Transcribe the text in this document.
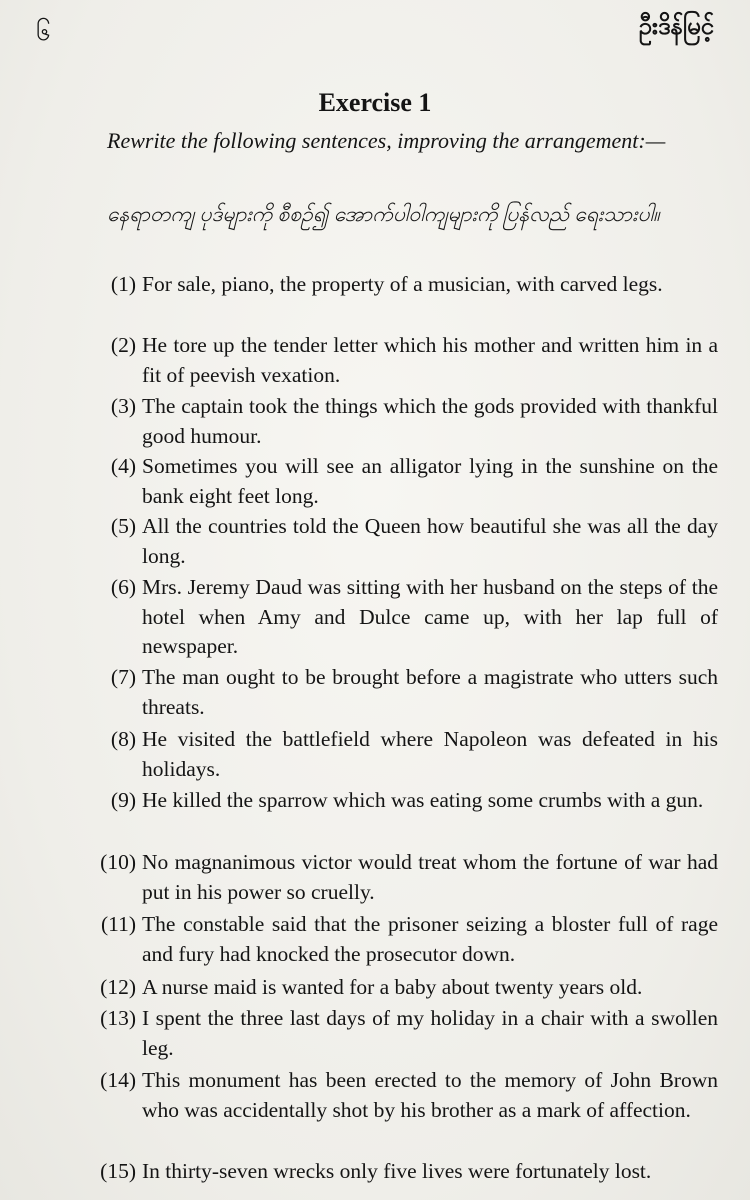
၆	ဦးဒိန်မြင့်
Exercise 1
Rewrite the following sentences, improving the arrangement:—
နေရာတကျ ပုဒ်များကို စီစဉ်၍ အောက်ပါဝါကျများကို ပြန်လည် ရေးသားပါ။
(1) For sale, piano, the property of a musician, with carved legs.
(2) He tore up the tender letter which his mother and written him in a fit of peevish vexation.
(3) The captain took the things which the gods provided with thankful good humour.
(4) Sometimes you will see an alligator lying in the sunshine on the bank eight feet long.
(5) All the countries told the Queen how beautiful she was all the day long.
(6) Mrs. Jeremy Daud was sitting with her husband on the steps of the hotel when Amy and Dulce came up, with her lap full of newspaper.
(7) The man ought to be brought before a magistrate who utters such threats.
(8) He visited the battlefield where Napoleon was defeated in his holidays.
(9) He killed the sparrow which was eating some crumbs with a gun.
(10) No magnanimous victor would treat whom the fortune of war had put in his power so cruelly.
(11) The constable said that the prisoner seizing a bloster full of rage and fury had knocked the prosecutor down.
(12) A nurse maid is wanted for a baby about twenty years old.
(13) I spent the three last days of my holiday in a chair with a swollen leg.
(14) This monument has been erected to the memory of John Brown who was accidentally shot by his brother as a mark of affection.
(15) In thirty-seven wrecks only five lives were fortunately lost.
